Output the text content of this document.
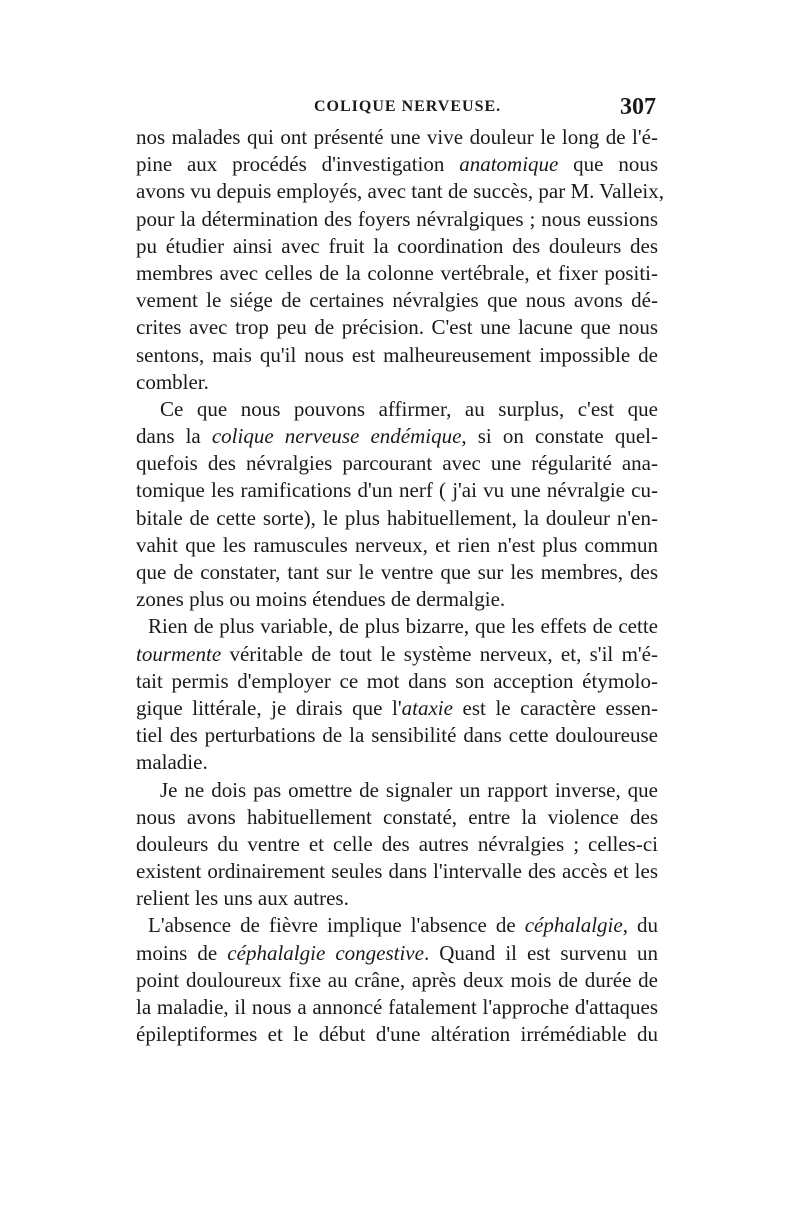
COLIQUE NERVEUSE.	307
nos malades qui ont présenté une vive douleur le long de l'é-
pine aux procédés d'investigation anatomique que nous
avons vu depuis employés, avec tant de succès, par M. Valleix,
pour la détermination des foyers névralgiques ; nous eussions
pu étudier ainsi avec fruit la coordination des douleurs des
membres avec celles de la colonne vertébrale, et fixer positi-
vement le siége de certaines névralgies que nous avons dé-
crites avec trop peu de précision. C'est une lacune que nous
sentons, mais qu'il nous est malheureusement impossible de
combler.
Ce que nous pouvons affirmer, au surplus, c'est que
dans la colique nerveuse endémique, si on constate quel-
quefois des névralgies parcourant avec une régularité ana-
tomique les ramifications d'un nerf ( j'ai vu une névralgie cu-
bitale de cette sorte), le plus habituellement, la douleur n'en-
vahit que les ramuscules nerveux, et rien n'est plus commun
que de constater, tant sur le ventre que sur les membres, des
zones plus ou moins étendues de dermalgie.
Rien de plus variable, de plus bizarre, que les effets de cette
tourmente véritable de tout le système nerveux, et, s'il m'é-
tait permis d'employer ce mot dans son acception étymolo-
gique littérale, je dirais que l'ataxie est le caractère essen-
tiel des perturbations de la sensibilité dans cette douloureuse
maladie.
Je ne dois pas omettre de signaler un rapport inverse, que
nous avons habituellement constaté, entre la violence des
douleurs du ventre et celle des autres névralgies ; celles-ci
existent ordinairement seules dans l'intervalle des accès et les
relient les uns aux autres.
L'absence de fièvre implique l'absence de céphalalgie, du
moins de céphalalgie congestive. Quand il est survenu un
point douloureux fixe au crâne, après deux mois de durée de
la maladie, il nous a annoncé fatalement l'approche d'attaques
épileptiformes et le début d'une altération irrémédiable du
